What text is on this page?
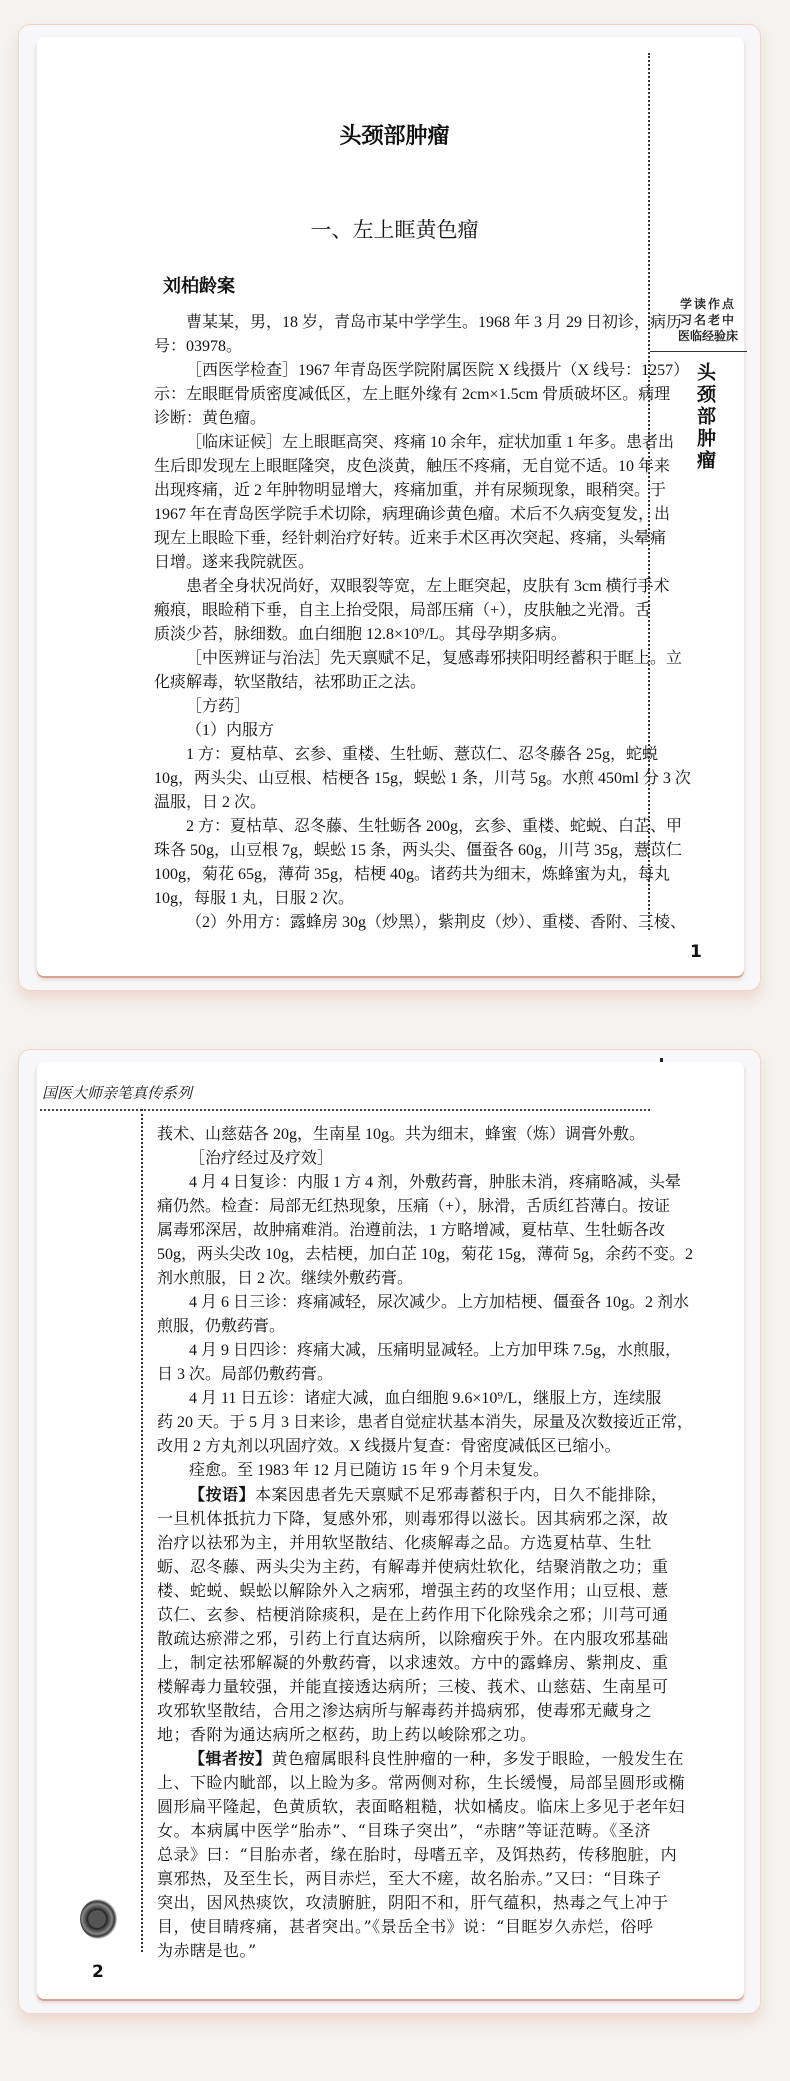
头颈部肿瘤
一、左上眶黄色瘤
刘柏龄案
曹某某，男，18 岁，青岛市某中学学生。1968 年 3 月 29 日初诊，病历
号：03978。
［西医学检查］1967 年青岛医学院附属医院 X 线摄片（X 线号：1257）
示：左眼眶骨质密度减低区，左上眶外缘有 2cm×1.5cm 骨质破坏区。病理
诊断：黄色瘤。
［临床证候］左上眼眶高突、疼痛 10 余年，症状加重 1 年多。患者出
生后即发现左上眼眶隆突，皮色淡黄，触压不疼痛，无自觉不适。10 年来
出现疼痛，近 2 年肿物明显增大，疼痛加重，并有尿频现象，眼稍突。于
1967 年在青岛医学院手术切除，病理确诊黄色瘤。术后不久病变复发，出
现左上眼睑下垂，经针刺治疗好转。近来手术区再次突起、疼痛，头晕痛
日增。遂来我院就医。
患者全身状况尚好，双眼裂等宽，左上眶突起，皮肤有 3cm 横行手术
瘢痕，眼睑稍下垂，自主上抬受限，局部压痛（+），皮肤触之光滑。舌
质淡少苔，脉细数。血白细胞 12.8×10⁹/L。其母孕期多病。
［中医辨证与治法］先天禀赋不足，复感毒邪挟阳明经蓄积于眶上。立
化痰解毒，软坚散结，祛邪助正之法。
［方药］
（1）内服方
1 方：夏枯草、玄参、重楼、生牡蛎、薏苡仁、忍冬藤各 25g，蛇蜕
10g，两头尖、山豆根、桔梗各 15g，蜈蚣 1 条，川芎 5g。水煎 450ml 分 3 次
温服，日 2 次。
2 方：夏枯草、忍冬藤、生牡蛎各 200g，玄参、重楼、蛇蜕、白芷、甲
珠各 50g，山豆根 7g，蜈蚣 15 条，两头尖、僵蚕各 60g，川芎 35g，薏苡仁
100g，菊花 65g，薄荷 35g，桔梗 40g。诸药共为细末，炼蜂蜜为丸，每丸
10g，每服 1 丸，日服 2 次。
（2）外用方：露蜂房 30g（炒黑），紫荆皮（炒）、重楼、香附、三棱、
学读作点
习名老中
医临经验床
头颈部肿瘤
1
国医大师亲笔真传系列
莪术、山慈菇各 20g，生南星 10g。共为细末，蜂蜜（炼）调膏外敷。
［治疗经过及疗效］
4 月 4 日复诊：内服 1 方 4 剂，外敷药膏，肿胀未消，疼痛略减，头晕
痛仍然。检查：局部无红热现象，压痛（+），脉滑，舌质红苔薄白。按证
属毒邪深居，故肿痛难消。治遵前法，1 方略增减，夏枯草、生牡蛎各改
50g，两头尖改 10g，去桔梗，加白芷 10g，菊花 15g，薄荷 5g，余药不变。2
剂水煎服，日 2 次。继续外敷药膏。
4 月 6 日三诊：疼痛减轻，尿次减少。上方加桔梗、僵蚕各 10g。2 剂水
煎服，仍敷药膏。
4 月 9 日四诊：疼痛大减，压痛明显减轻。上方加甲珠 7.5g，水煎服，
日 3 次。局部仍敷药膏。
4 月 11 日五诊：诸症大减，血白细胞 9.6×10⁹/L，继服上方，连续服
药 20 天。于 5 月 3 日来诊，患者自觉症状基本消失，尿量及次数接近正常，
改用 2 方丸剂以巩固疗效。X 线摄片复查：骨密度减低区已缩小。
痊愈。至 1983 年 12 月已随访 15 年 9 个月未复发。
【按语】本案因患者先天禀赋不足邪毒蓄积于内，日久不能排除，
一旦机体抵抗力下降，复感外邪，则毒邪得以滋长。因其病邪之深，故
治疗以祛邪为主，并用软坚散结、化痰解毒之品。方选夏枯草、生牡
蛎、忍冬藤、两头尖为主药，有解毒并使病灶软化，结聚消散之功；重
楼、蛇蜕、蜈蚣以解除外入之病邪，增强主药的攻坚作用；山豆根、薏
苡仁、玄参、桔梗消除痰积，是在上药作用下化除残余之邪；川芎可通
散疏达瘀滞之邪，引药上行直达病所，以除瘤疾于外。在内服攻邪基础
上，制定祛邪解凝的外敷药膏，以求速效。方中的露蜂房、紫荆皮、重
楼解毒力量较强，并能直接透达病所；三棱、莪术、山慈菇、生南星可
攻邪软坚散结，合用之渗达病所与解毒药并捣病邪，使毒邪无藏身之
地；香附为通达病所之枢药，助上药以峻除邪之功。
【辑者按】黄色瘤属眼科良性肿瘤的一种，多发于眼睑，一般发生在
上、下睑内眦部，以上睑为多。常两侧对称，生长缓慢，局部呈圆形或椭
圆形扁平隆起，色黄质软，表面略粗糙，状如橘皮。临床上多见于老年妇
女。本病属中医学“胎赤”、“目珠子突出”，“赤瞎”等证范畴。《圣济
总录》曰：“目胎赤者，缘在胎时，母嗜五辛，及饵热药，传移胞脏，内
禀邪热，及至生长，两目赤烂，至大不瘥，故名胎赤。”又曰：“目珠子
突出，因风热痰饮，攻渍腑脏，阴阳不和，肝气蕴积，热毒之气上冲于
目，使目睛疼痛，甚者突出。”《景岳全书》说：“目眶岁久赤烂，俗呼
为赤瞎是也。”
2
